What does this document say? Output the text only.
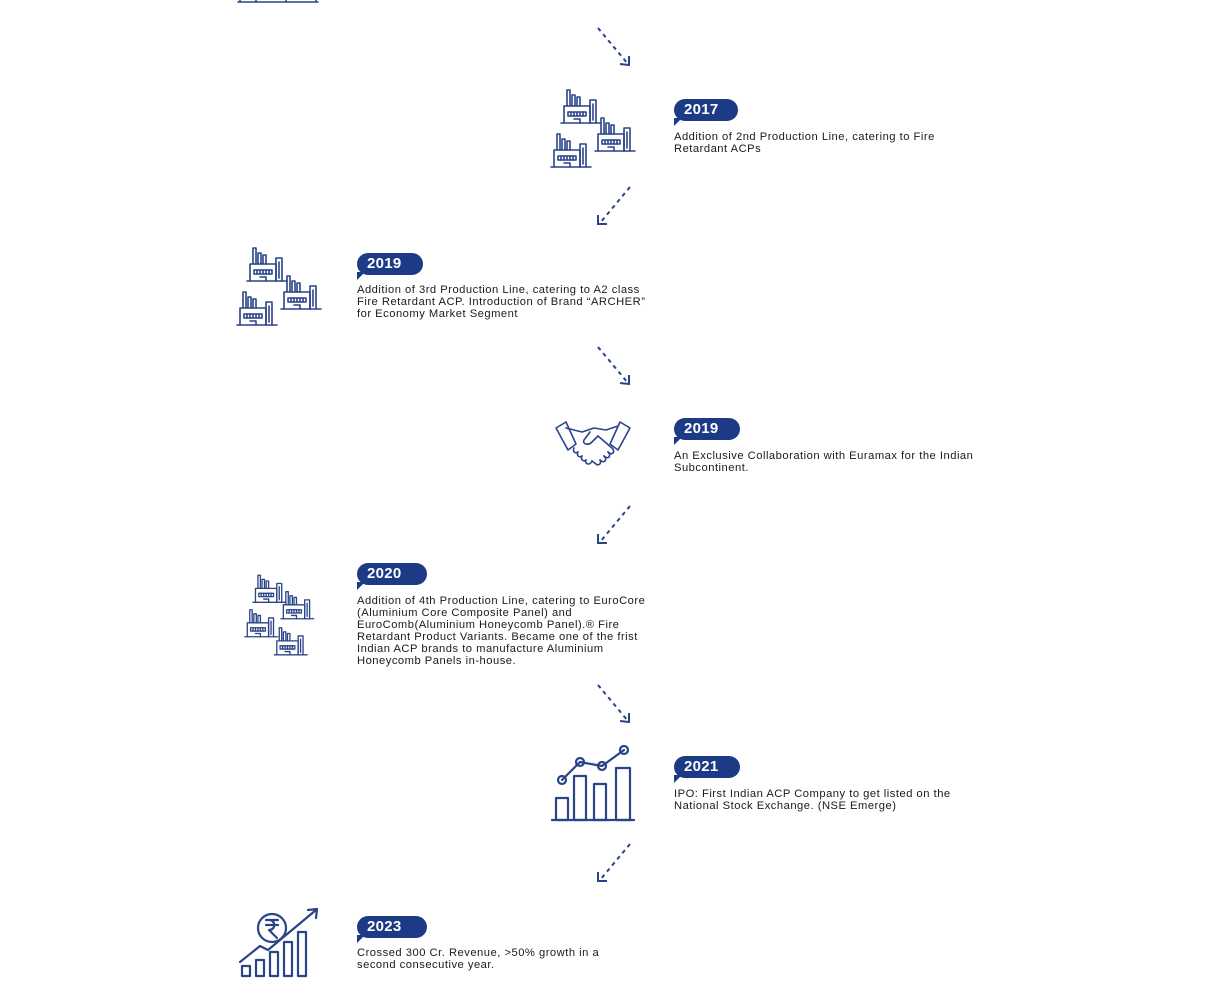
2017
Addition of 2nd Production Line, catering to Fire Retardant ACPs
2019
Addition of 3rd Production Line, catering to A2 class Fire Retardant ACP. Introduction of Brand “ARCHER” for Economy Market Segment
2019
An Exclusive Collaboration with Euramax for the Indian Subcontinent.
2020
Addition of 4th Production Line, catering to EuroCore (Aluminium Core Composite Panel) and EuroComb(Aluminium Honeycomb Panel).® Fire Retardant Product Variants. Became one of the frist Indian ACP brands to manufacture Aluminium Honeycomb Panels in-house.
2021
IPO: First Indian ACP Company to get listed on the National Stock Exchange. (NSE Emerge)
2023
Crossed 300 Cr. Revenue, >50% growth in a second consecutive year.
